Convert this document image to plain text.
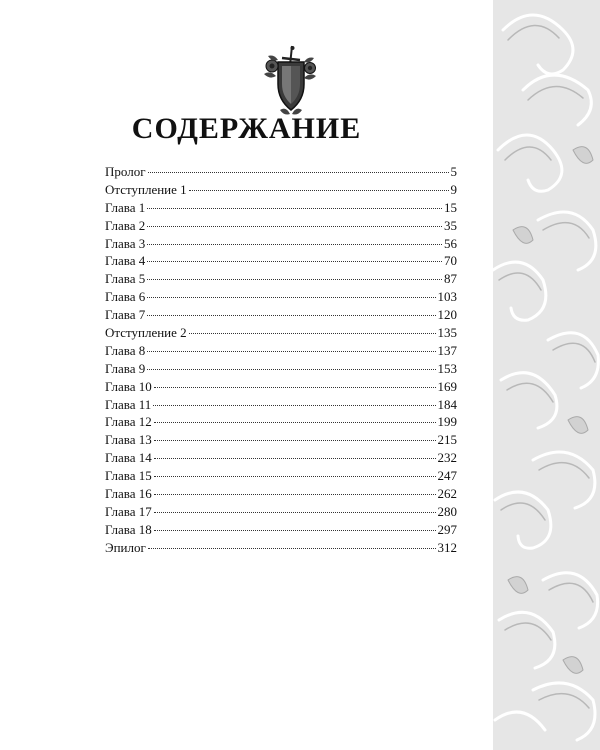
СОДЕРЖАНИЕ
Пролог	5
Отступление 1	9
Глава 1	15
Глава 2	35
Глава 3	56
Глава 4	70
Глава 5	87
Глава 6	103
Глава 7	120
Отступление 2	135
Глава 8	137
Глава 9	153
Глава 10	169
Глава 11	184
Глава 12	199
Глава 13	215
Глава 14	232
Глава 15	247
Глава 16	262
Глава 17	280
Глава 18	297
Эпилог	312
